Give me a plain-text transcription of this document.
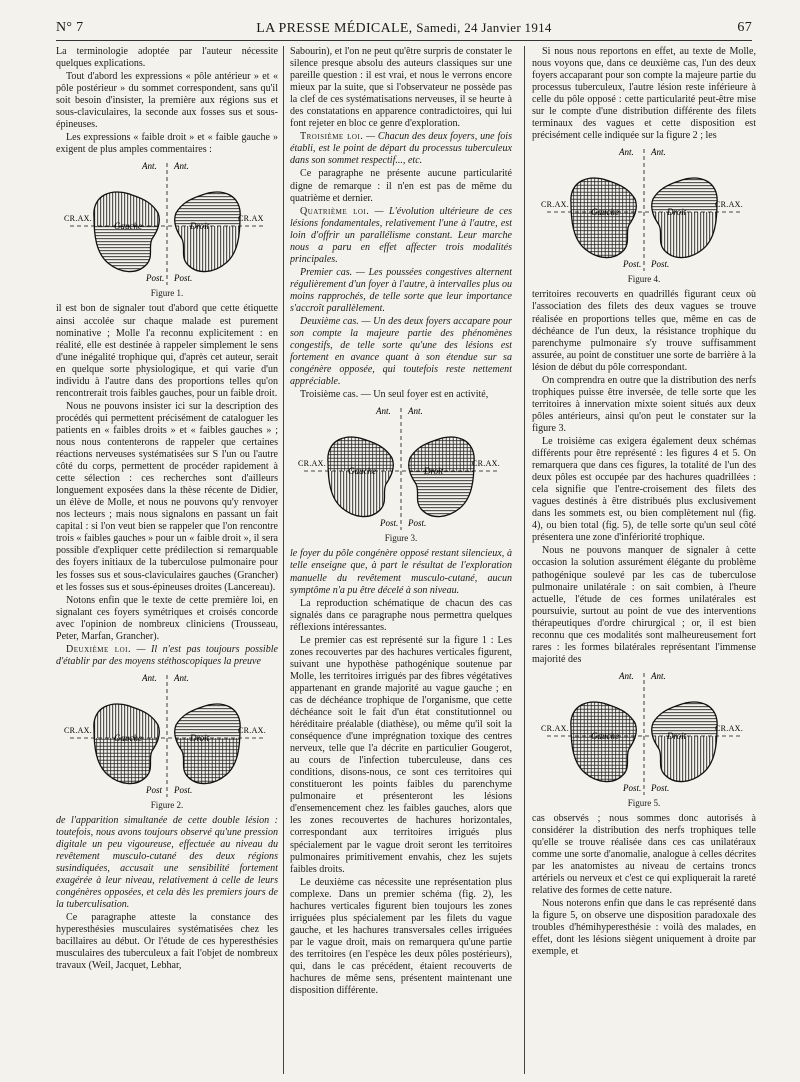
N° 7	LA PRESSE MÉDICALE, Samedi, 24 Janvier 1914	67

La terminologie adoptée par l'auteur nécessite quelques explications.

Tout d'abord les expressions « pôle antérieur » et « pôle postérieur » du sommet correspondent, sans qu'il soit besoin d'insister, la première aux régions sus et sous-claviculaires, la seconde aux fosses sus et sous-épineuses.

Les expressions « faible droit » et « faible gauche » exigent de plus amples commentaires :

Ant. Ant.
CR.AX.	CR.AX
Gauche	Droit
Post. Post.
Figure 1.

il est bon de signaler tout d'abord que cette étiquette ainsi accolée sur chaque malade est purement nominative ; Molle l'a reconnu explicitement : en réalité, elle est destinée à rappeler simplement le sens d'une inégalité trophique qui, d'après cet auteur, serait en quelque sorte physiologique, et qui varie d'un individu à l'autre dans des proportions telles qu'on rencontrerait trois faibles gauches, pour un faible droit.

Nous ne pouvons insister ici sur la description des procédés qui permettent précisément de cataloguer les patients en « faibles droits » et « faibles gauches » ; nous nous contenterons de rappeler que certaines réactions nerveuses systématisées sur S l'un ou l'autre côté du corps, permettent de procéder rapidement à cette sélection : ces recherches sont d'ailleurs longuement exposées dans la thèse récente de Didier, un élève de Molle, et nous ne pouvons qu'y renvoyer nos lecteurs ; mais nous signalons en passant un fait capital : si l'on veut bien se rappeler que l'on rencontre trois « faibles gauches » pour un « faible droit », il sera possible d'expliquer cette prédilection si remarquable des foyers initiaux de la tuberculose pulmonaire pour les fosses sus et sous-claviculaires gauches (Grancher) et les fosses sus et sous-épineuses droites (Lancereau).

Notons enfin que le texte de cette première loi, en signalant ces foyers symétriques et croisés concorde avec l'opinion de nombreux cliniciens (Trousseau, Peter, Marfan, Grancher).

Deuxième loi. — Il n'est pas toujours possible d'établir par des moyens stéthoscopiques la preuve

Ant. Ant.
CR.AX.	CR.AX.
Gauche	Droit
Post Post.
Figure 2.

de l'apparition simultanée de cette double lésion : toutefois, nous avons toujours observé qu'une pression digitale un peu vigoureuse, effectuée au niveau du revêtement musculo-cutané des deux régions susindiquées, accusait une sensibilité fortement exagérée à leur niveau, relativement à celle de leurs congénères opposées, et cela dès les premiers jours de la tuberculisation.

Ce paragraphe atteste la constance des hyperesthésies musculaires systématisées chez les bacillaires au début. Or l'étude de ces hyperesthésies musculaires des tuberculeux a fait l'objet de nombreux travaux (Weil, Jacquet, Lebhar,

Sabourin), et l'on ne peut qu'être surpris de constater le silence presque absolu des auteurs classiques sur une pareille question : il est vrai, et nous le verrons encore mieux par la suite, que si l'observateur ne possède pas la clef de ces systématisations nerveuses, il se heurte à des constatations en apparence contradictoires, qui lui font rejeter en bloc ce genre d'exploration.

Troisième loi. — Chacun des deux foyers, une fois établi, est le point de départ du processus tuberculeux dans son sommet respectif..., etc.

Ce paragraphe ne présente aucune particularité digne de remarque : il n'en est pas de même du quatrième et dernier.

Quatrième loi. — L'évolution ultérieure de ces lésions fondamentales, relativement l'une à l'autre, est loin d'offrir un parallélisme constant. Leur marche nous a paru en effet affecter trois modalités principales.

Premier cas. — Les poussées congestives alternent régulièrement d'un foyer à l'autre, à intervalles plus ou moins rapprochés, de telle sorte que leur importance s'accroît parallèlement.

Deuxième cas. — Un des deux foyers accapare pour son compte la majeure partie des phénomènes congestifs, de telle sorte qu'une des lésions est fortement en avance quant à son étendue sur sa congénère opposée, qui toutefois reste nettement appréciable.

Troisième cas. — Un seul foyer est en activité,

Ant. Ant.
CR.AX.	CR.AX.
Gauche	Droit
Post. Post.
Figure 3.

le foyer du pôle congénère opposé restant silencieux, à telle enseigne que, à part le résultat de l'exploration manuelle du revêtement musculo-cutané, aucun symptôme n'a pu être décelé à son niveau.

La reproduction schématique de chacun des cas signalés dans ce paragraphe nous permettra quelques réflexions intéressantes.

Le premier cas est représenté sur la figure 1 : Les zones recouvertes par des hachures verticales figurent, suivant une hypothèse pathogénique soutenue par Molle, les territoires irrigués par des fibres végétatives appartenant en grande majorité au vague gauche ; en cas de déchéance trophique de l'organisme, que cette déchéance soit le fait d'un état constitutionnel ou héréditaire préalable (diathèse), ou même qu'il soit la conséquence d'une imprégnation toxique des centres nerveux, telle que l'a décrite en particulier Gougerot, au cours de l'infection tuberculeuse, dans ces conditions, disons-nous, ce sont ces territoires qui constitueront les points faibles du parenchyme pulmonaire et présenteront les lésions d'ensemencement chez les faibles gauches, alors que les zones recouvertes de hachures horizontales, correspondant aux territoires irrigués plus spécialement par le vague droit seront les territoires pulmonaires primitivement envahis, chez les sujets faibles droits.

Le deuxième cas nécessite une représentation plus complexe. Dans un premier schéma (fig. 2), les hachures verticales figurent bien toujours les zones irriguées plus spécialement par les filets du vague gauche, et les hachures transversales celles irriguées par le vague droit, mais on remarquera qu'une partie des territoires (en l'espèce les deux pôles postérieurs), qui, dans le cas précédent, étaient recouverts de hachures de même sens, présentent maintenant une disposition différente.

Si nous nous reportons en effet, au texte de Molle, nous voyons que, dans ce deuxième cas, l'un des deux foyers accaparant pour son compte la majeure partie du processus tuberculeux, l'autre lésion reste inférieure à celle du pôle opposé : cette particularité peut-être mise sur le compte d'une distribution différente des filets terminaux des vagues et cette disposition est précisément celle indiquée sur la figure 2 ; les

Ant. Ant.
CR.AX.	CR.AX.
Gauche	Droit
Post. Post.
Figure 4.

territoires recouverts en quadrillés figurant ceux où l'association des filets des deux vagues se trouve réalisée en proportions telles que, même en cas de déchéance de l'un deux, la résistance trophique du parenchyme pulmonaire s'y trouve suffisamment assurée, au point de constituer une sorte de barrière à la lésion de début du pôle correspondant.

On comprendra en outre que la distribution des nerfs trophiques puisse être inversée, de telle sorte que les territoires à innervation mixte soient situés aux deux pôles antérieurs, ainsi qu'on peut le constater sur la figure 3.

Le troisième cas exigera également deux schémas différents pour être représenté : les figures 4 et 5. On remarquera que dans ces figures, la totalité de l'un des deux pôles est occupée par des hachures quadrillées : cela signifie que l'entre-croisement des filets des vagues destinés à être distribués plus exclusivement dans les sommets est, ou bien complètement nul (fig. 4), ou bien total (fig. 5), de telle sorte qu'un seul côté présentera une zone d'infériorité trophique.

Nous ne pouvons manquer de signaler à cette occasion la solution assurément élégante du problème pathogénique soulevé par les cas de tuberculose pulmonaire unilatérale : on sait combien, à l'heure actuelle, l'étude de ces formes unilatérales est poursuivie, surtout au point de vue des interventions thérapeutiques d'ordre chirurgical ; or, il est bien reconnu que ces modalités sont malheureusement fort rares : les formes bilatérales représentant l'immense majorité des

Ant. Ant.
CR.AX.	CR.AX.
Gauche	Droit
Post. Post.
Figure 5.

cas observés ; nous sommes donc autorisés à considérer la distribution des nerfs trophiques telle qu'elle se trouve réalisée dans ces cas unilatéraux comme une sorte d'anomalie, analogue à celles décrites par les anatomistes au niveau de certains troncs artériels ou nerveux et c'est ce qui expliquerait la rareté relative des formes de cette nature.

Nous noterons enfin que dans le cas représenté dans la figure 5, on observe une disposition paradoxale des troubles d'hémihyperesthésie : voilà des malades, en effet, dont les lésions siègent uniquement à droite par exemple, et
